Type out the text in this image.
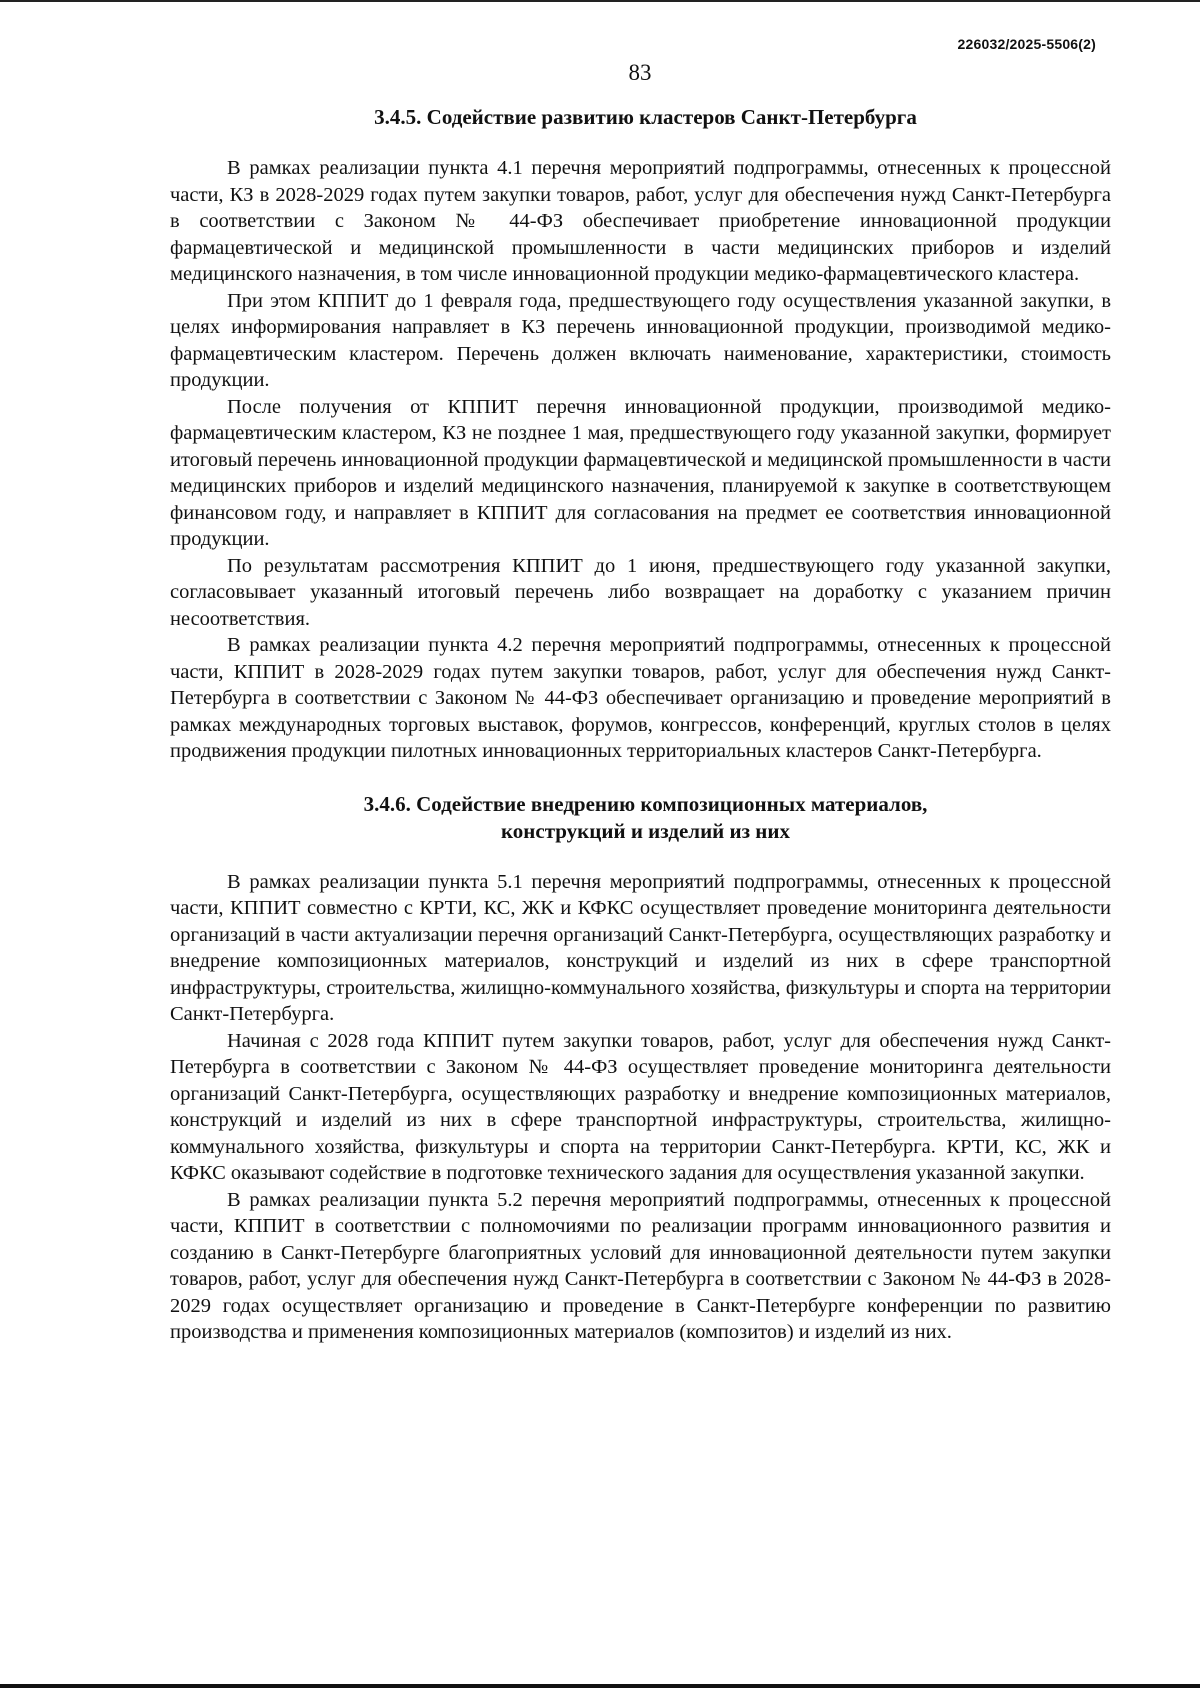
226032/2025-5506(2)
83
3.4.5. Содействие развитию кластеров Санкт-Петербурга

В рамках реализации пункта 4.1 перечня мероприятий подпрограммы, отнесенных к процессной части, КЗ в 2028-2029 годах путем закупки товаров, работ, услуг для обеспечения нужд Санкт-Петербурга в соответствии с Законом № 44-ФЗ обеспечивает приобретение инновационной продукции фармацевтической и медицинской промышленности в части медицинских приборов и изделий медицинского назначения, в том числе инновационной продукции медико-фармацевтического кластера.

При этом КППИТ до 1 февраля года, предшествующего году осуществления указанной закупки, в целях информирования направляет в КЗ перечень инновационной продукции, производимой медико-фармацевтическим кластером. Перечень должен включать наименование, характеристики, стоимость продукции.

После получения от КППИТ перечня инновационной продукции, производимой медико-фармацевтическим кластером, КЗ не позднее 1 мая, предшествующего году указанной закупки, формирует итоговый перечень инновационной продукции фармацевтической и медицинской промышленности в части медицинских приборов и изделий медицинского назначения, планируемой к закупке в соответствующем финансовом году, и направляет в КППИТ для согласования на предмет ее соответствия инновационной продукции.

По результатам рассмотрения КППИТ до 1 июня, предшествующего году указанной закупки, согласовывает указанный итоговый перечень либо возвращает на доработку с указанием причин несоответствия.

В рамках реализации пункта 4.2 перечня мероприятий подпрограммы, отнесенных к процессной части, КППИТ в 2028-2029 годах путем закупки товаров, работ, услуг для обеспечения нужд Санкт-Петербурга в соответствии с Законом № 44-ФЗ обеспечивает организацию и проведение мероприятий в рамках международных торговых выставок, форумов, конгрессов, конференций, круглых столов в целях продвижения продукции пилотных инновационных территориальных кластеров Санкт-Петербурга.

3.4.6. Содействие внедрению композиционных материалов,
конструкций и изделий из них

В рамках реализации пункта 5.1 перечня мероприятий подпрограммы, отнесенных к процессной части, КППИТ совместно с КРТИ, КС, ЖК и КФКС осуществляет проведение мониторинга деятельности организаций в части актуализации перечня организаций Санкт-Петербурга, осуществляющих разработку и внедрение композиционных материалов, конструкций и изделий из них в сфере транспортной инфраструктуры, строительства, жилищно-коммунального хозяйства, физкультуры и спорта на территории Санкт-Петербурга.

Начиная с 2028 года КППИТ путем закупки товаров, работ, услуг для обеспечения нужд Санкт-Петербурга в соответствии с Законом № 44-ФЗ осуществляет проведение мониторинга деятельности организаций Санкт-Петербурга, осуществляющих разработку и внедрение композиционных материалов, конструкций и изделий из них в сфере транспортной инфраструктуры, строительства, жилищно-коммунального хозяйства, физкультуры и спорта на территории Санкт-Петербурга. КРТИ, КС, ЖК и КФКС оказывают содействие в подготовке технического задания для осуществления указанной закупки.

В рамках реализации пункта 5.2 перечня мероприятий подпрограммы, отнесенных к процессной части, КППИТ в соответствии с полномочиями по реализации программ инновационного развития и созданию в Санкт-Петербурге благоприятных условий для инновационной деятельности путем закупки товаров, работ, услуг для обеспечения нужд Санкт-Петербурга в соответствии с Законом № 44-ФЗ в 2028-2029 годах осуществляет организацию и проведение в Санкт-Петербурге конференции по развитию производства и применения композиционных материалов (композитов) и изделий из них.
